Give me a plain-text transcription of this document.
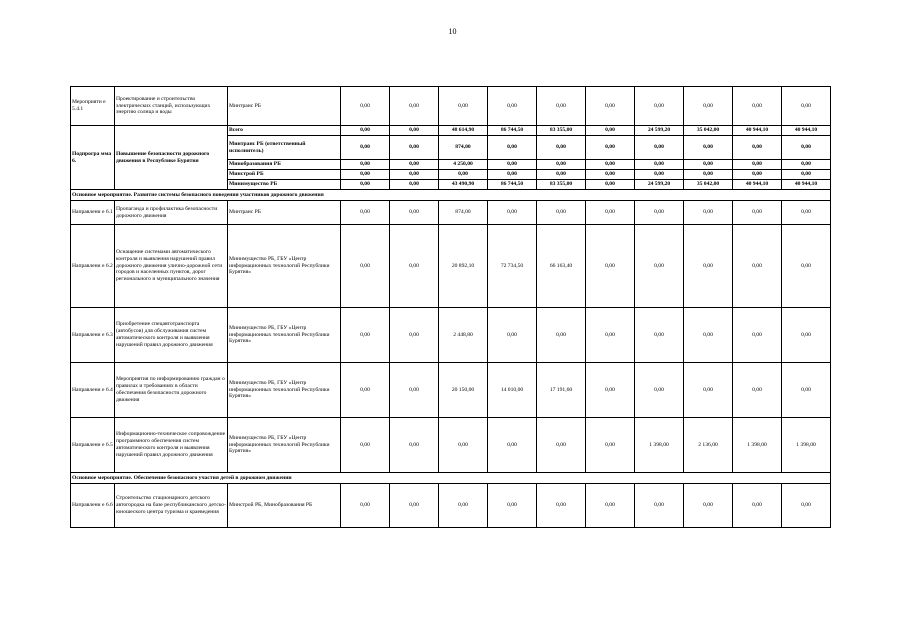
10
Мероприяти е 5.4.1	Проектирование и строительство электрических станций, использующих энергию солнца и воды	Минтранс РБ	0,00	0,00	0,00	0,00	0,00	0,00	0,00	0,00	0,00	0,00
Подпрогра мма 6.	Повышение безопасности дорожного движения в Республике Бурятия	Всего	0,00	0,00	48 614,90	86 744,50	83 355,00	0,00	24 599,20	35 042,00	40 944,10	40 944,10
		Минтранс РБ (ответственный исполнитель)	0,00	0,00	874,00	0,00	0,00	0,00	0,00	0,00	0,00	0,00
		Минобразования РБ	0,00	0,00	4 250,00	0,00	0,00	0,00	0,00	0,00	0,00	0,00
		Минстрой РБ	0,00	0,00	0,00	0,00	0,00	0,00	0,00	0,00	0,00	0,00
		Минимущество РБ	0,00	0,00	43 490,90	86 744,50	83 355,00	0,00	24 599,20	35 042,00	40 944,10	40 944,10
Основное мероприятие. Развитие системы безопасного поведения участников дорожного движения												
Направлени е 6.1	Пропаганда и профилактика безопасности дорожного движения	Минтранс РБ	0,00	0,00	874,00	0,00	0,00	0,00	0,00	0,00	0,00	0,00
Направлени е 6.2	Оснащение системами автоматического контроля и выявления нарушений правил дорожного движения улично-дорожной сети городов и населенных пунктов, дорог регионального и муниципального значения	Минимущество РБ, ГБУ «Центр информационных технологий Республики Бурятия»	0,00	0,00	20 892,10	72 734,50	66 163,40	0,00	0,00	0,00	0,00	0,00
Направлени е 6.3	Приобретение спецавтотранспорта (автобусов) для обслуживания систем автоматического контроля и выявления нарушений правил дорожного движения	Минимущество РБ, ГБУ «Центр информационных технологий Республики Бурятия»	0,00	0,00	2 448,80	0,00	0,00	0,00	0,00	0,00	0,00	0,00
Направлени е 6.4	Мероприятия по информированию граждан о правилах и требованиях в области обеспечения безопасности дорожного движения	Минимущество РБ, ГБУ «Центр информационных технологий Республики Бурятия»	0,00	0,00	20 150,00	14 010,00	17 191,60	0,00	0,00	0,00	0,00	0,00
Направлени е 6.5	Информационно-техническое сопровождение программного обеспечения систем автоматического контроля и выявления нарушений правил дорожного движения	Минимущество РБ, ГБУ «Центр информационных технологий Республики Бурятия»	0,00	0,00	0,00	0,00	0,00	0,00	1 398,00	2 136,00	1 398,00	1 398,00
Основное мероприятие. Обеспечение безопасного участия детей в дорожном движении												
Направлени е 6.6	Строительство стационарного детского автогородка на базе республиканского детско-юношеского центра туризма и краеведения	Минстрой РБ, Минобразования РБ	0,00	0,00	0,00	0,00	0,00	0,00	0,00	0,00	0,00	0,00
